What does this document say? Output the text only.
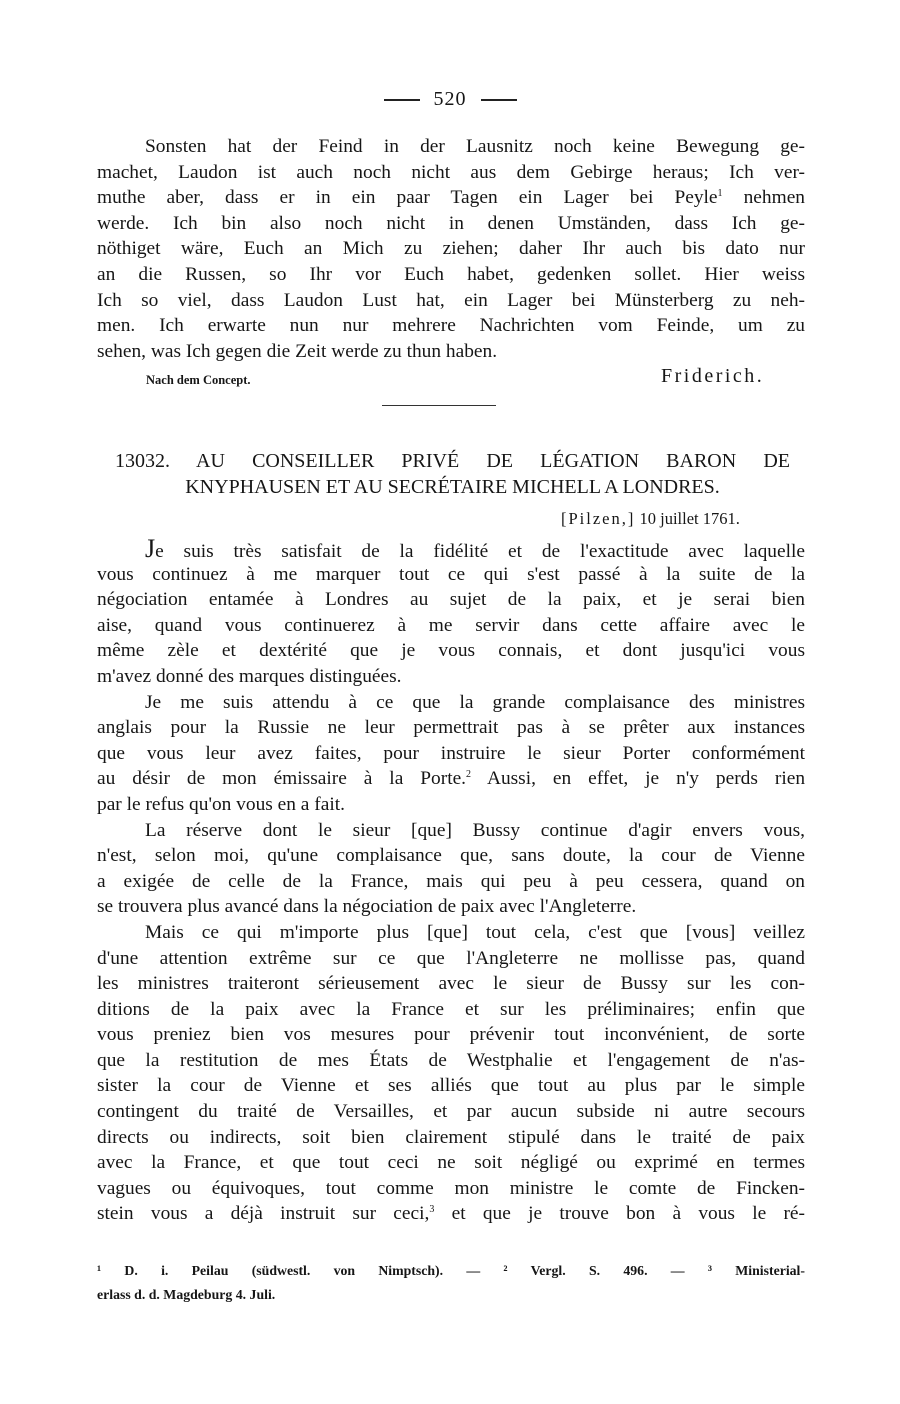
520
Sonsten hat der Feind in der Lausnitz noch keine Bewegung ge-
machet, Laudon ist auch noch nicht aus dem Gebirge heraus; Ich ver-
muthe aber, dass er in ein paar Tagen ein Lager bei Peyle$^1$ nehmen
werde. Ich bin also noch nicht in denen Umständen, dass Ich ge-
nöthiget wäre, Euch an Mich zu ziehen; daher Ihr auch bis dato nur
an die Russen, so Ihr vor Euch habet, gedenken sollet. Hier weiss
Ich so viel, dass Laudon Lust hat, ein Lager bei Münsterberg zu neh-
men. Ich erwarte nun nur mehrere Nachrichten vom Feinde, um zu
sehen, was Ich gegen die Zeit werde zu thun haben.
Nach dem Concept.	Friderich.
13032. AU CONSEILLER PRIVÉ DE LÉGATION BARON DE
KNYPHAUSEN ET AU SECRÉTAIRE MICHELL A LONDRES.
[Pilzen,] 10 juillet 1761.
Je suis très satisfait de la fidélité et de l'exactitude avec laquelle
vous continuez à me marquer tout ce qui s'est passé à la suite de la
négociation entamée à Londres au sujet de la paix, et je serai bien
aise, quand vous continuerez à me servir dans cette affaire avec le
même zèle et dextérité que je vous connais, et dont jusqu'ici vous
m'avez donné des marques distinguées.
Je me suis attendu à ce que la grande complaisance des ministres
anglais pour la Russie ne leur permettrait pas à se prêter aux instances
que vous leur avez faites, pour instruire le sieur Porter conformément
au désir de mon émissaire à la Porte.$^2$ Aussi, en effet, je n'y perds rien
par le refus qu'on vous en a fait.
La réserve dont le sieur [que] Bussy continue d'agir envers vous,
n'est, selon moi, qu'une complaisance que, sans doute, la cour de Vienne
a exigée de celle de la France, mais qui peu à peu cessera, quand on
se trouvera plus avancé dans la négociation de paix avec l'Angleterre.
Mais ce qui m'importe plus [que] tout cela, c'est que [vous] veillez
d'une attention extrême sur ce que l'Angleterre ne mollisse pas, quand
les ministres traiteront sérieusement avec le sieur de Bussy sur les con-
ditions de la paix avec la France et sur les préliminaires; enfin que
vous preniez bien vos mesures pour prévenir tout inconvénient, de sorte
que la restitution de mes États de Westphalie et l'engagement de n'as-
sister la cour de Vienne et ses alliés que tout au plus par le simple
contingent du traité de Versailles, et par aucun subside ni autre secours
directs ou indirects, soit bien clairement stipulé dans le traité de paix
avec la France, et que tout ceci ne soit négligé ou exprimé en termes
vagues ou équivoques, tout comme mon ministre le comte de Fincken-
stein vous a déjà instruit sur ceci,$^3$ et que je trouve bon à vous le ré-
¹ D. i. Peilau (südwestl. von Nimptsch). — ² Vergl. S. 496. — ³ Ministerial-
erlass d. d. Magdeburg 4. Juli.
